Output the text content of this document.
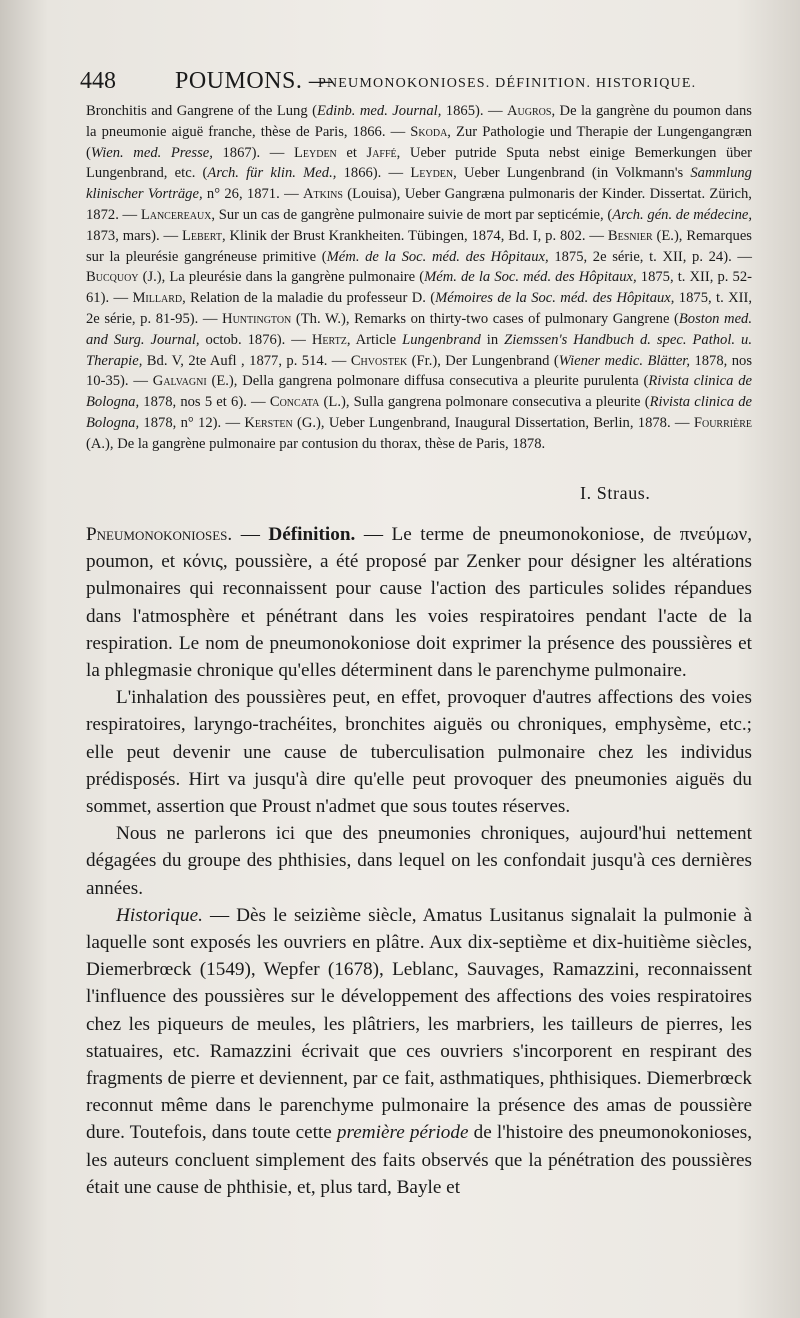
448 POUMONS. —
PNEUMONOKONIOSES. DÉFINITION. HISTORIQUE.

Bronchitis and Gangrene of the Lung (Edinb. med. Journal, 1865). — Augros, De la gangrène du poumon dans la pneumonie aiguë franche, thèse de Paris, 1866. — Skoda, Zur Pathologie und Therapie der Lungengangræn (Wien. med. Presse, 1867). — Leyden et Jaffé, Ueber putride Sputa nebst einige Bemerkungen über Lungenbrand, etc. (Arch. für klin. Med., 1866). — Leyden, Ueber Lungenbrand (in Volkmann's Sammlung klinischer Vorträge, n° 26, 1871. — Atkins (Louisa), Ueber Gangræna pulmonaris der Kinder. Dissertat. Zürich, 1872. — Lancereaux, Sur un cas de gangrène pulmonaire suivie de mort par septicémie, (Arch. gén. de médecine, 1873, mars). — Lebert, Klinik der Brust Krankheiten. Tübingen, 1874, Bd. I, p. 802. — Besnier (E.), Remarques sur la pleurésie gangréneuse primitive (Mém. de la Soc. méd. des Hôpitaux, 1875, 2e série, t. XII, p. 24). — Bucquoy (J.), La pleurésie dans la gangrène pulmonaire (Mém. de la Soc. méd. des Hôpitaux, 1875, t. XII, p. 52-61). — Millard, Relation de la maladie du professeur D. (Mémoires de la Soc. méd. des Hôpitaux, 1875, t. XII, 2e série, p. 81-95). — Huntington (Th. W.), Remarks on thirty-two cases of pulmonary Gangrene (Boston med. and Surg. Journal, octob. 1876). — Hertz, Article Lungenbrand in Ziemssen's Handbuch d. spec. Pathol. u. Therapie, Bd. V, 2te Aufl , 1877, p. 514. — Chvostek (Fr.), Der Lungenbrand (Wiener medic. Blätter, 1878, nos 10-35). — Galvagni (E.), Della gangrena polmonare diffusa consecutiva a pleurite purulenta (Rivista clinica de Bologna, 1878, nos 5 et 6). — Concata (L.), Sulla gangrena polmonare consecutiva a pleurite (Rivista clinica de Bologna, 1878, n° 12). — Kersten (G.), Ueber Lungenbrand, Inaugural Dissertation, Berlin, 1878. — Fourrière (A.), De la gangrène pulmonaire par contusion du thorax, thèse de Paris, 1878.

I. Straus.

Pneumonokonioses. — Définition. — Le terme de pneumonokoniose, de πνεύμων, poumon, et κόνις, poussière, a été proposé par Zenker pour désigner les altérations pulmonaires qui reconnaissent pour cause l'action des particules solides répandues dans l'atmosphère et pénétrant dans les voies respiratoires pendant l'acte de la respiration. Le nom de pneumonokoniose doit exprimer la présence des poussières et la phlegmasie chronique qu'elles déterminent dans le parenchyme pulmonaire.

L'inhalation des poussières peut, en effet, provoquer d'autres affections des voies respiratoires, laryngo-trachéites, bronchites aiguës ou chroniques, emphysème, etc.; elle peut devenir une cause de tuberculisation pulmonaire chez les individus prédisposés. Hirt va jusqu'à dire qu'elle peut provoquer des pneumonies aiguës du sommet, assertion que Proust n'admet que sous toutes réserves.

Nous ne parlerons ici que des pneumonies chroniques, aujourd'hui nettement dégagées du groupe des phthisies, dans lequel on les confondait jusqu'à ces dernières années.

Historique. — Dès le seizième siècle, Amatus Lusitanus signalait la pulmonie à laquelle sont exposés les ouvriers en plâtre. Aux dix-septième et dix-huitième siècles, Diemerbrœck (1549), Wepfer (1678), Leblanc, Sauvages, Ramazzini, reconnaissent l'influence des poussières sur le développement des affections des voies respiratoires chez les piqueurs de meules, les plâtriers, les marbriers, les tailleurs de pierres, les statuaires, etc. Ramazzini écrivait que ces ouvriers s'incorporent en respirant des fragments de pierre et deviennent, par ce fait, asthmatiques, phthisiques. Diemerbrœck reconnut même dans le parenchyme pulmonaire la présence des amas de poussière dure. Toutefois, dans toute cette première période de l'histoire des pneumonokonioses, les auteurs concluent simplement des faits observés que la pénétration des poussières était une cause de phthisie, et, plus tard, Bayle et
